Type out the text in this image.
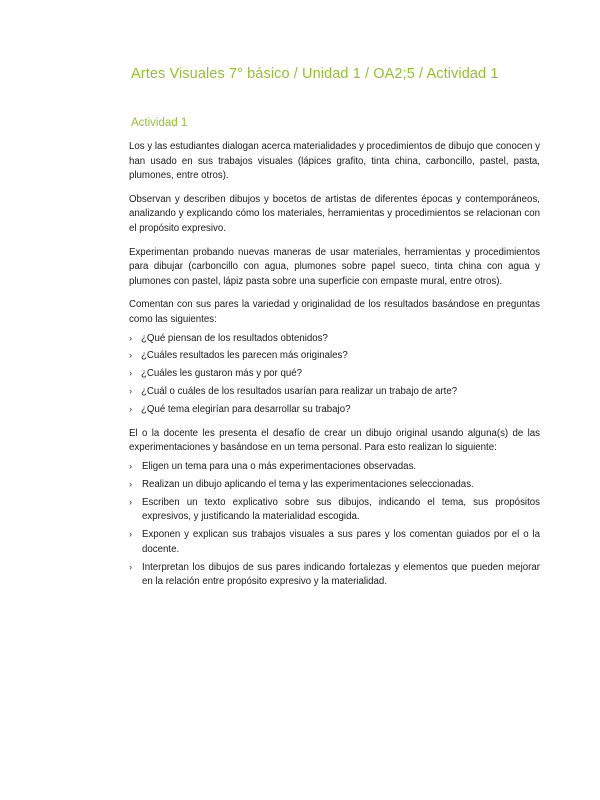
Artes Visuales 7° básico / Unidad 1 / OA2;5 / Actividad 1
Actividad 1

Los y las estudiantes dialogan acerca materialidades y procedimientos de dibujo que conocen y han usado en sus trabajos visuales (lápices grafito, tinta china, carboncillo, pastel, pasta, plumones, entre otros).

Observan y describen dibujos y bocetos de artistas de diferentes épocas y contemporáneos, analizando y explicando cómo los materiales, herramientas y procedimientos se relacionan con el propósito expresivo.

Experimentan probando nuevas maneras de usar materiales, herramientas y procedimientos para dibujar (carboncillo con agua, plumones sobre papel sueco, tinta china con agua y plumones con pastel, lápiz pasta sobre una superficie con empaste mural, entre otros).

Comentan con sus pares la variedad y originalidad de los resultados basándose en preguntas como las siguientes:

› ¿Qué piensan de los resultados obtenidos?
› ¿Cuáles resultados les parecen más originales?
› ¿Cuáles les gustaron más y por qué?
› ¿Cuál o cuáles de los resultados usarían para realizar un trabajo de arte?
› ¿Qué tema elegirían para desarrollar su trabajo?

El o la docente les presenta el desafío de crear un dibujo original usando alguna(s) de las experimentaciones y basándose en un tema personal. Para esto realizan lo siguiente:

› Eligen un tema para una o más experimentaciones observadas.
› Realizan un dibujo aplicando el tema y las experimentaciones seleccionadas.
› Escriben un texto explicativo sobre sus dibujos, indicando el tema, sus propósitos expresivos, y justificando la materialidad escogida.
› Exponen y explican sus trabajos visuales a sus pares y los comentan guiados por el o la docente.
› Interpretan los dibujos de sus pares indicando fortalezas y elementos que pueden mejorar en la relación entre propósito expresivo y la materialidad.
